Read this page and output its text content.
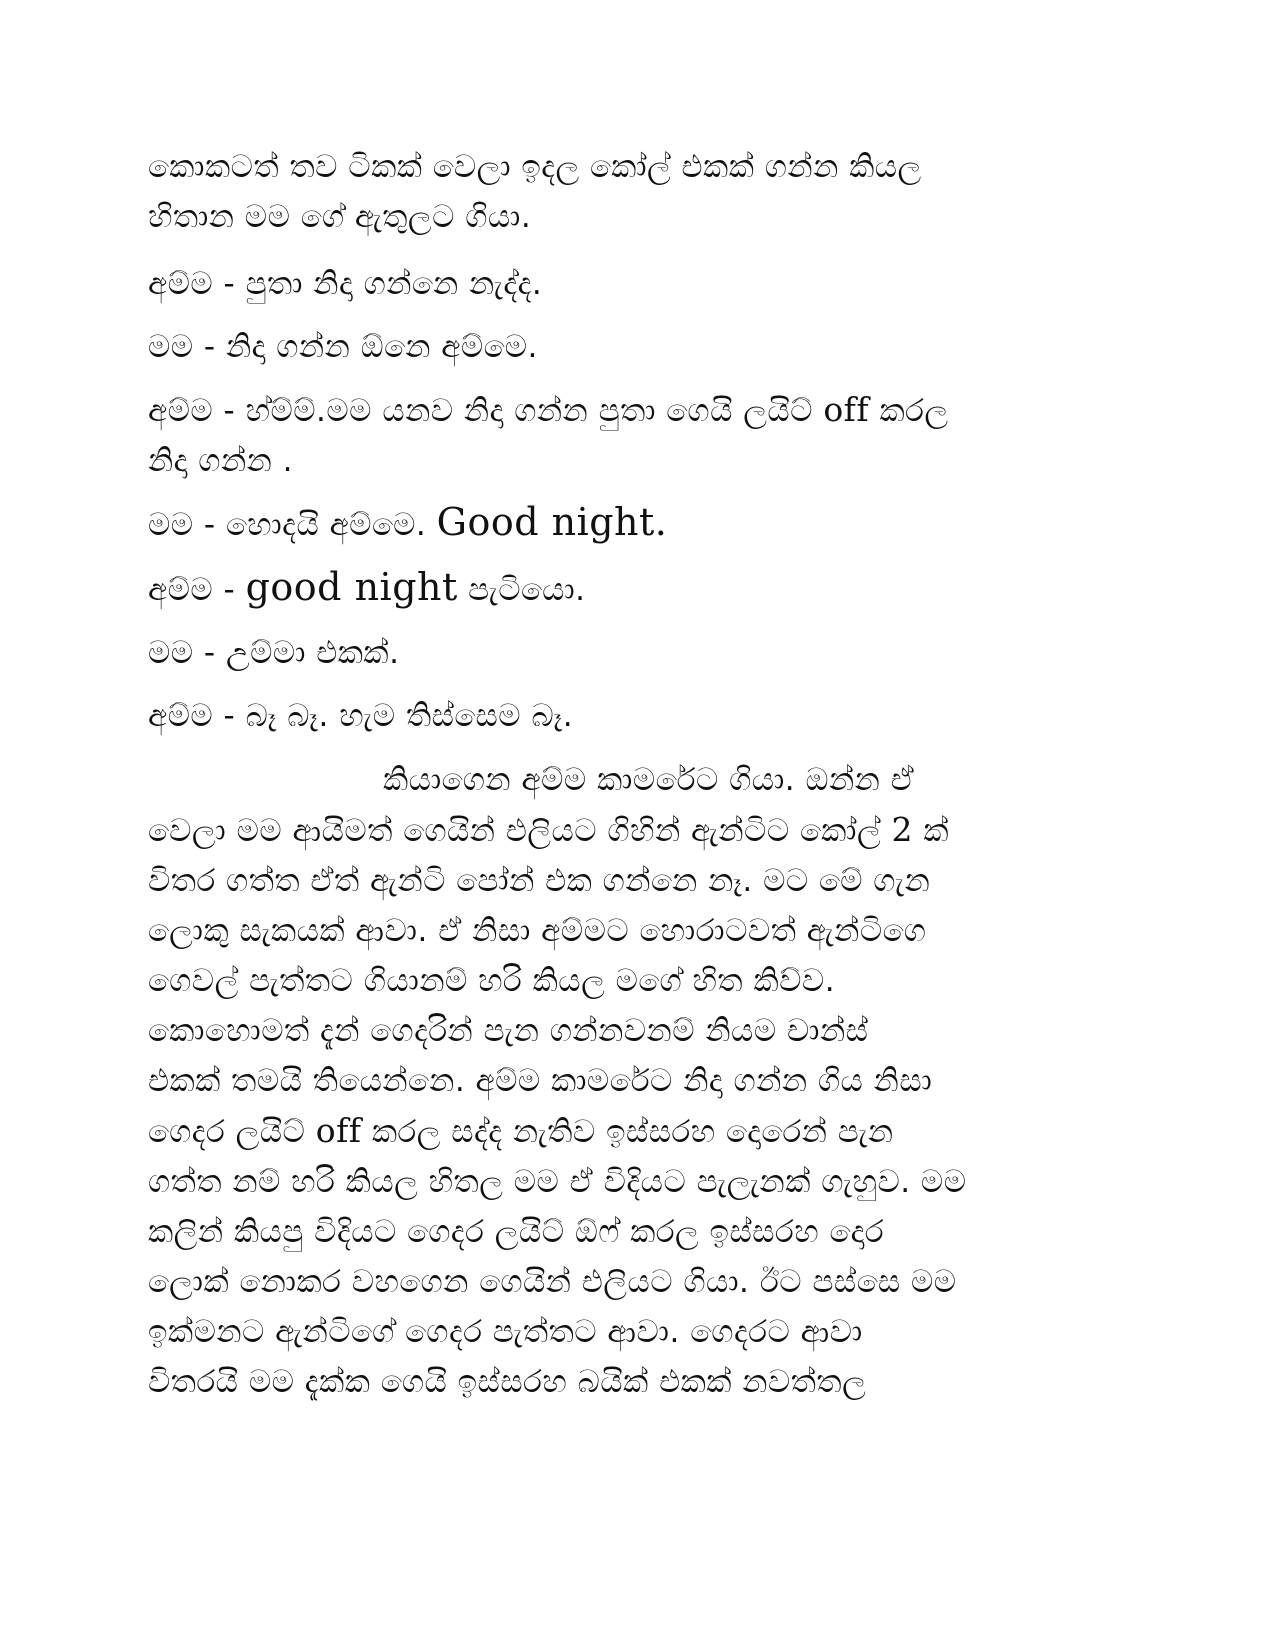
කොකටත් තව ටිකක් වෙලා ඉදල කෝල් එකක් ගන්න කියල

හිතාන මම ගේ ඇතුලට ගියා.

අම්ම - පුතා නිදා ගන්නෙ නැද්ද.

මම - නිදා ගන්න ඕනෙ අම්මෙ.

අම්ම - හ්ම්ම්.මම යනව නිදා ගන්න පුතා ගෙයි ලයිට් off කරල

නිදා ගන්න .

මම - හොදයි අම්මෙ. Good night.

අම්ම - good night පැටියො.

මම - උම්මා එකක්.

අම්ම - බෑ බෑ. හැම තිස්සෙම බෑ.

කියාගෙන අම්ම කාමරේට ගියා. ඔන්න ඒ

වෙලා මම ආයිමත් ගෙයින් එලියට ගිහින් ඇන්ටිට කෝල් 2 ක්

විතර ගත්ත ඒත් ඇන්ටි පෝන් එක ගන්නෙ නෑ. මට මේ ගැන

ලොකු සැකයක් ආවා. ඒ නිසා අම්මට හොරාටවත් ඇන්ටිගෙ

ගෙවල් පැත්තට ගියානම් හරි කියල මගේ හිත කිව්ව.

කොහොමත් දැන් ගෙදරින් පැන ගන්නවනම් නියම චාන්ස්

එකක් තමයි තියෙන්නෙ. අම්ම කාමරේට නිදා ගන්න ගිය නිසා

ගෙදර ලයිට් off කරල සද්ද නැතිව ඉස්සරහ දොරෙන් පැන

ගත්ත නම් හරි කියල හිතල මම ඒ විදියට පැලැනක් ගැහුව. මම

කලින් කියපු විදියට ගෙදර ලයිට් ඕෆ් කරල ඉස්සරහ දොර

ලොක් නොකර වහගෙන ගෙයින් එලියට ගියා. ඊට පස්සෙ මම

ඉක්මනට ඇන්ටිගේ ගෙදර පැත්තට ආවා. ගෙදරට ආවා

විතරයි මම දැක්ක ගෙයි ඉස්සරහ බයික් එකක් නවත්තල
